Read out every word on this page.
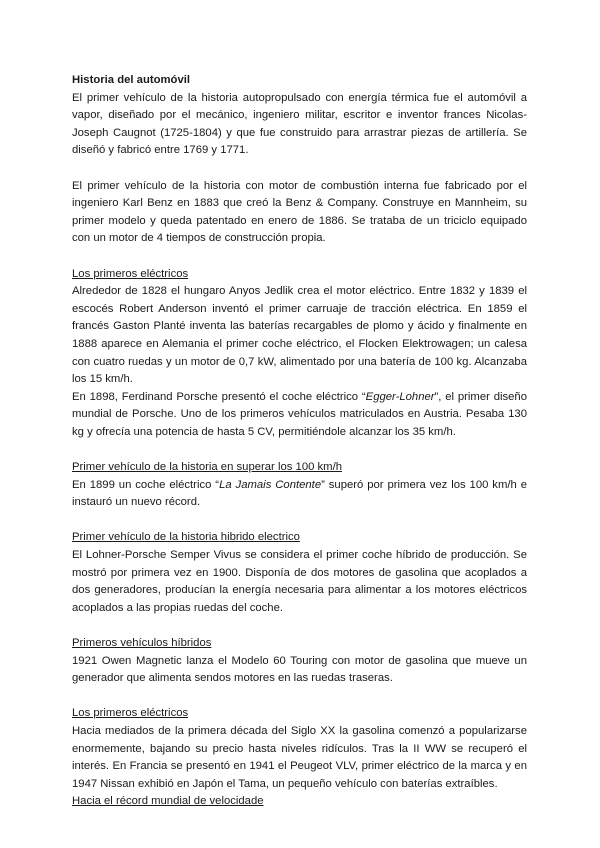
Historia del automóvil

El primer vehículo de la historia autopropulsado con energía térmica fue el automóvil a vapor, diseñado por el mecánico, ingeniero militar, escritor e inventor frances Nicolas-Joseph Caugnot (1725-1804) y que fue construido para arrastrar piezas de artillería. Se diseñó y fabricó entre 1769 y 1771.

El primer vehículo de la historia con motor de combustión interna fue fabricado por el ingeniero Karl Benz en 1883 que creó la Benz & Company. Construye en Mannheim, su primer modelo y queda patentado en enero de 1886. Se trataba de un triciclo equipado con un motor de 4 tiempos de construcción propia.

Los primeros eléctricos

Alrededor de 1828 el hungaro Anyos Jedlik crea el motor eléctrico. Entre 1832 y 1839 el escocés Robert Anderson inventó el primer carruaje de tracción eléctrica. En 1859 el francés Gaston Planté inventa las baterías recargables de plomo y ácido y finalmente en 1888 aparece en Alemania el primer coche eléctrico, el Flocken Elektrowagen; un calesa con cuatro ruedas y un motor de 0,7 kW, alimentado por una batería de 100 kg. Alcanzaba los 15 km/h.

En 1898, Ferdinand Porsche presentó el coche eléctrico “Egger-Lohner”, el primer diseño mundial de Porsche. Uno de los primeros vehículos matriculados en Austria. Pesaba 130 kg y ofrecía una potencia de hasta 5 CV, permitiéndole alcanzar los 35 km/h.

Primer vehículo de la historia en superar los 100 km/h

En 1899 un coche eléctrico “La Jamais Contente” superó por primera vez los 100 km/h e instauró un nuevo récord.

Primer vehículo de la historia hibrido electrico

El Lohner-Porsche Semper Vivus se considera el primer coche híbrido de producción. Se mostró por primera vez en 1900. Disponía de dos motores de gasolina que acoplados a dos generadores, producían la energía necesaria para alimentar a los motores eléctricos acoplados a las propias ruedas del coche.

Primeros vehículos híbridos

1921 Owen Magnetic lanza el Modelo 60 Touring con motor de gasolina que mueve un generador que alimenta sendos motores en las ruedas traseras.

Los primeros eléctricos

Hacia mediados de la primera década del Siglo XX la gasolina comenzó a popularizarse enormemente, bajando su precio hasta niveles ridículos. Tras la II WW se recuperó el interés. En Francia se presentó en 1941 el Peugeot VLV, primer eléctrico de la marca y en 1947 Nissan exhibió en Japón el Tama, un pequeño vehículo con baterías extraíbles.

Hacia el récord mundial de velocidade
